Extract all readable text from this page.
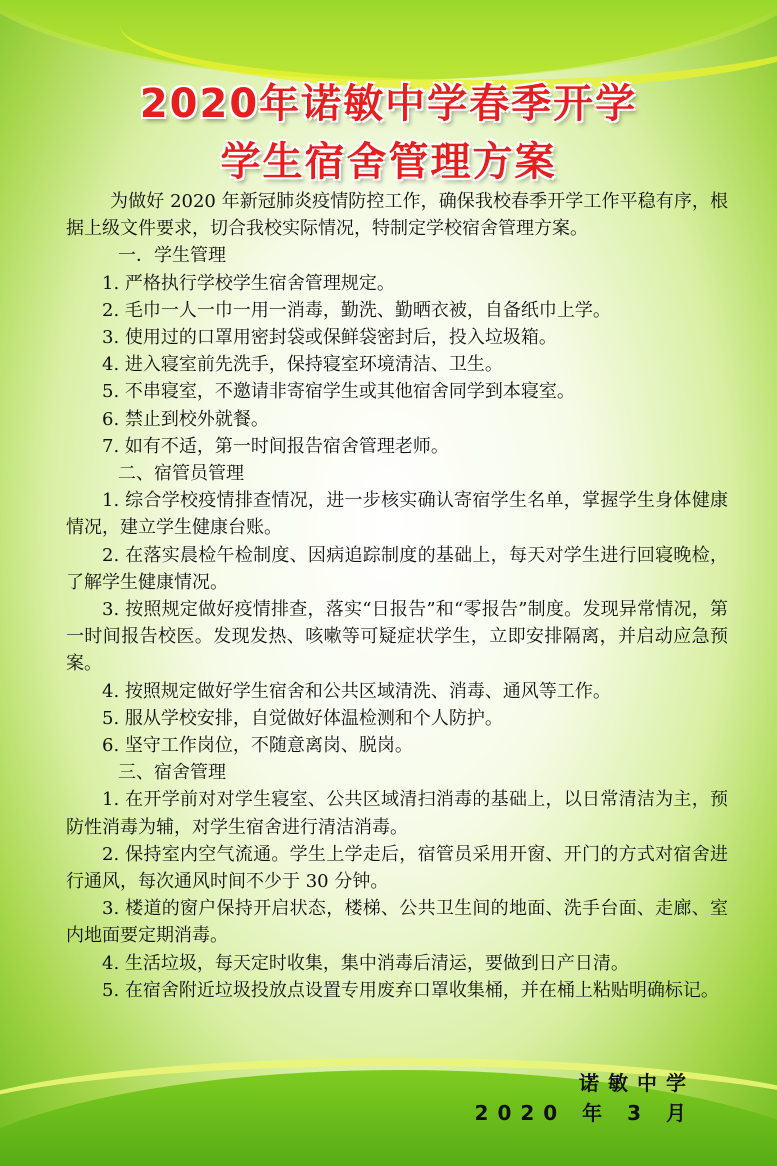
2020年诺敏中学春季开学
学生宿舍管理方案

为做好 2020 年新冠肺炎疫情防控工作，确保我校春季开学工作平稳有序，根据上级文件要求，切合我校实际情况，特制定学校宿舍管理方案。

一．学生管理

1. 严格执行学校学生宿舍管理规定。

2. 毛巾一人一巾一用一消毒，勤洗、勤晒衣被，自备纸巾上学。

3. 使用过的口罩用密封袋或保鲜袋密封后，投入垃圾箱。

4. 进入寝室前先洗手，保持寝室环境清洁、卫生。

5. 不串寝室，不邀请非寄宿学生或其他宿舍同学到本寝室。

6. 禁止到校外就餐。

7. 如有不适，第一时间报告宿舍管理老师。

二、宿管员管理

1. 综合学校疫情排查情况，进一步核实确认寄宿学生名单，掌握学生身体健康情况，建立学生健康台账。

2. 在落实晨检午检制度、因病追踪制度的基础上，每天对学生进行回寝晚检，了解学生健康情况。

3. 按照规定做好疫情排查，落实“日报告”和“零报告”制度。发现异常情况，第一时间报告校医。发现发热、咳嗽等可疑症状学生，立即安排隔离，并启动应急预案。

4. 按照规定做好学生宿舍和公共区域清洗、消毒、通风等工作。

5. 服从学校安排，自觉做好体温检测和个人防护。

6. 坚守工作岗位，不随意离岗、脱岗。

三、宿舍管理

1. 在开学前对对学生寝室、公共区域清扫消毒的基础上，以日常清洁为主，预防性消毒为辅，对学生宿舍进行清洁消毒。

2. 保持室内空气流通。学生上学走后，宿管员采用开窗、开门的方式对宿舍进行通风，每次通风时间不少于 30 分钟。

3. 楼道的窗户保持开启状态，楼梯、公共卫生间的地面、洗手台面、走廊、室内地面要定期消毒。

4. 生活垃圾，每天定时收集，集中消毒后清运，要做到日产日清。

5. 在宿舍附近垃圾投放点设置专用废弃口罩收集桶，并在桶上粘贴明确标记。

诺敏中学
2020 年 3 月
